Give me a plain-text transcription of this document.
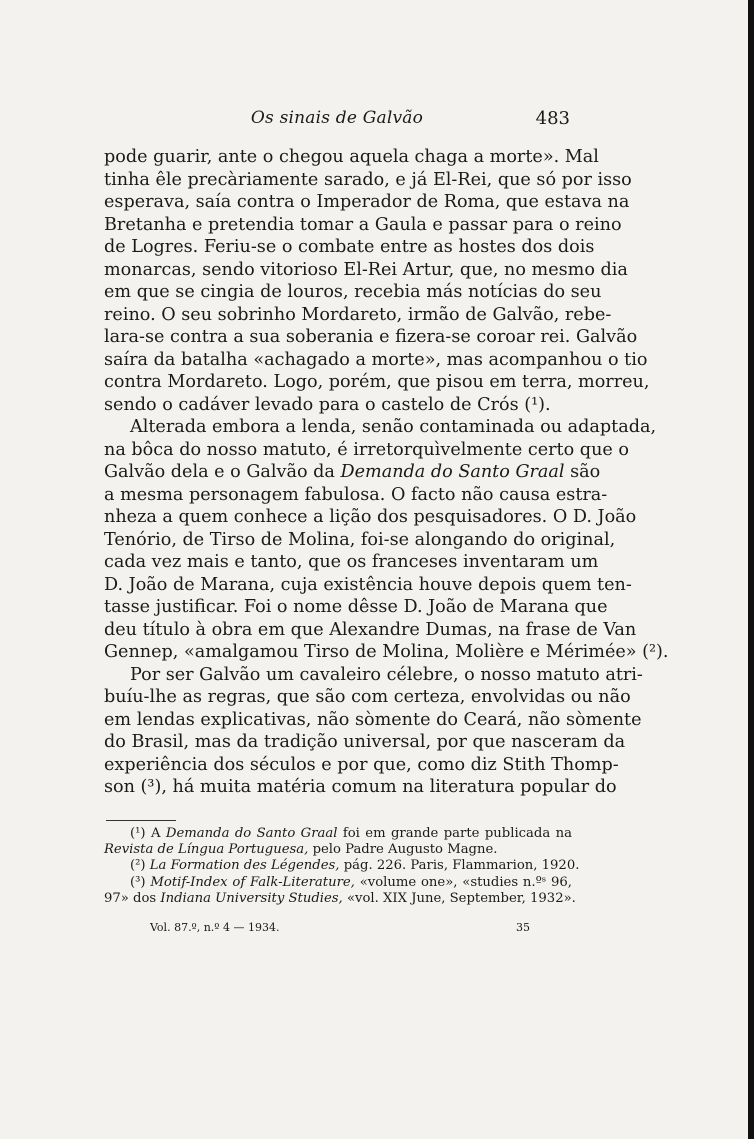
Os sinais de Galvão	483
pode guarir, ante o chegou aquela chaga a morte». Mal
tinha êle precàriamente sarado, e já El-Rei, que só por isso
esperava, saía contra o Imperador de Roma, que estava na
Bretanha e pretendia tomar a Gaula e passar para o reino
de Logres. Feriu-se o combate entre as hostes dos dois
monarcas, sendo vitorioso El-Rei Artur, que, no mesmo dia
em que se cingia de louros, recebia más notícias do seu
reino. O seu sobrinho Mordareto, irmão de Galvão, rebe-
lara-se contra a sua soberania e fizera-se coroar rei. Galvão
saíra da batalha «achagado a morte», mas acompanhou o tio
contra Mordareto. Logo, porém, que pisou em terra, morreu,
sendo o cadáver levado para o castelo de Crós (¹).
Alterada embora a lenda, senão contaminada ou adaptada,
na bôca do nosso matuto, é irretorquìvelmente certo que o
Galvão dela e o Galvão da Demanda do Santo Graal são
a mesma personagem fabulosa. O facto não causa estra-
nheza a quem conhece a lição dos pesquisadores. O D. João
Tenório, de Tirso de Molina, foi-se alongando do original,
cada vez mais e tanto, que os franceses inventaram um
D. João de Marana, cuja existência houve depois quem ten-
tasse justificar. Foi o nome dêsse D. João de Marana que
deu título à obra em que Alexandre Dumas, na frase de Van
Gennep, «amalgamou Tirso de Molina, Molière e Mérimée» (²).
Por ser Galvão um cavaleiro célebre, o nosso matuto atri-
buíu-lhe as regras, que são com certeza, envolvidas ou não
em lendas explicativas, não sòmente do Ceará, não sòmente
do Brasil, mas da tradição universal, por que nasceram da
experiência dos séculos e por que, como diz Stith Thomp-
son (³), há muita matéria comum na literatura popular do
(¹) A Demanda do Santo Graal foi em grande parte publicada na
Revista de Língua Portuguesa, pelo Padre Augusto Magne.
(²) La Formation des Légendes, pág. 226. Paris, Flammarion, 1920.
(³) Motif-Index of Falk-Literature, «volume one», «studies n.ºˢ 96,
97» dos Indiana University Studies, «vol. XIX June, September, 1932».
Vol. 87.º, n.º 4 — 1934.	35
